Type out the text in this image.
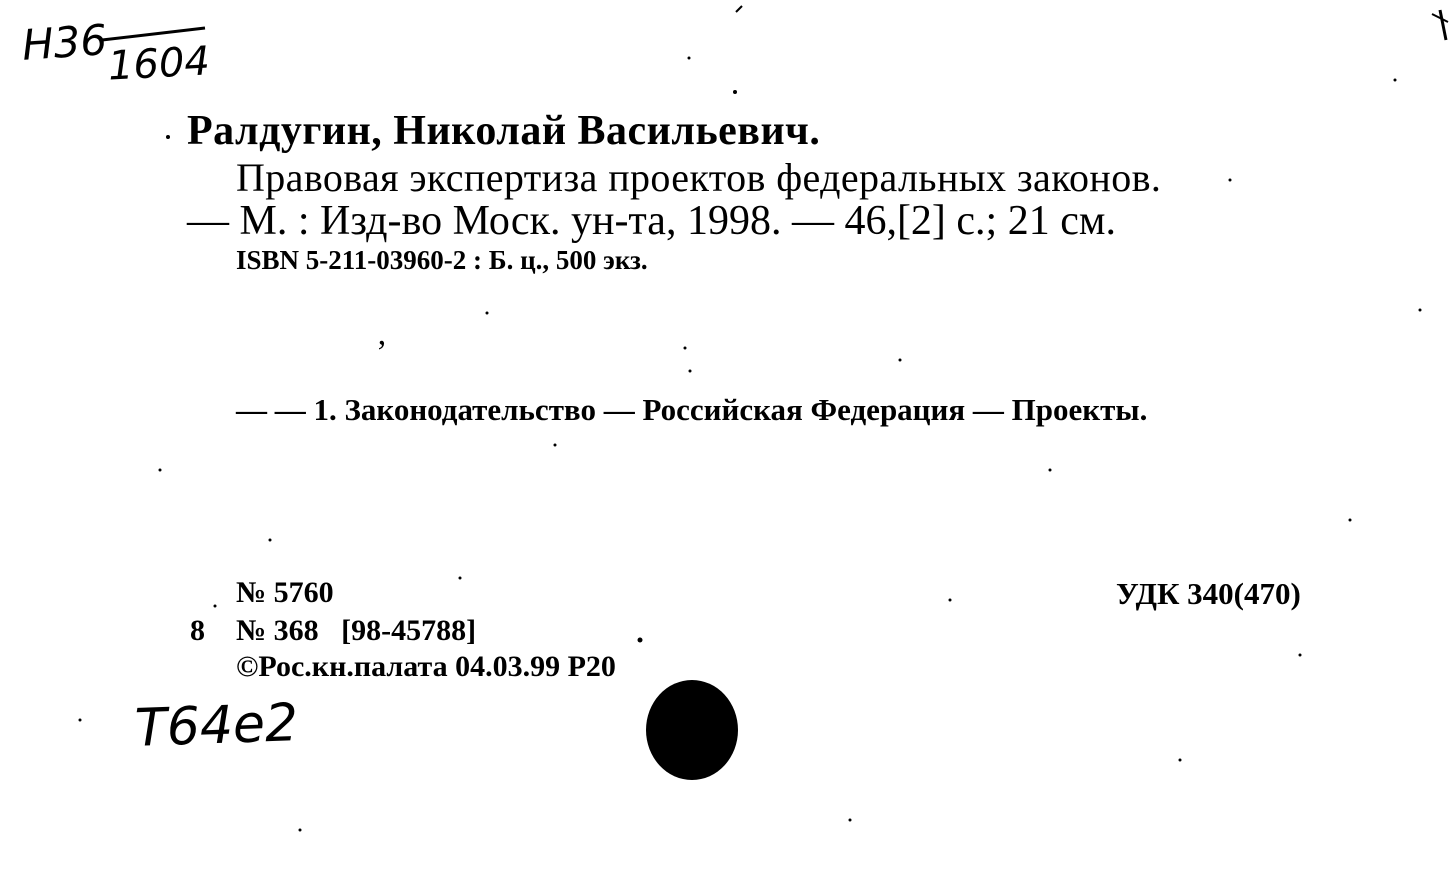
Н36
1604
Ралдугин, Николай Васильевич.
Правовая экспертиза проектов федеральных законов.
— М. : Изд-во Моск. ун-та, 1998. — 46,[2] с.; 21 см.
ISBN 5-211-03960-2 : Б. ц., 500 экз.
’
— — 1. Законодательство — Российская Федерация — Проекты.
№ 5760	УДК 340(470)
8 № 368   [98-45788]
©Рос.кн.палата 04.03.99 Р20
Т64е2
